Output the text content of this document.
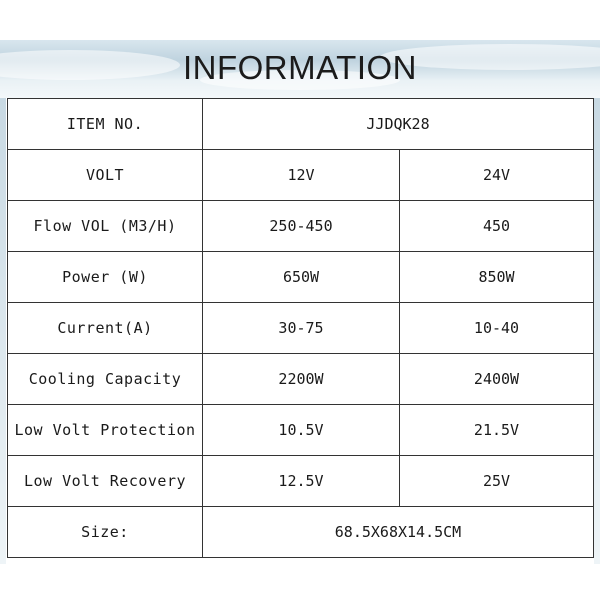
INFORMATION
ITEM NO.	JJDQK28	
VOLT	12V	24V
Flow VOL (M3/H)	250-450	450
Power (W)	650W	850W
Current(A)	30-75	10-40
Cooling Capacity	2200W	2400W
Low Volt Protection	10.5V	21.5V
Low Volt Recovery	12.5V	25V
Size:	68.5X68X14.5CM	
